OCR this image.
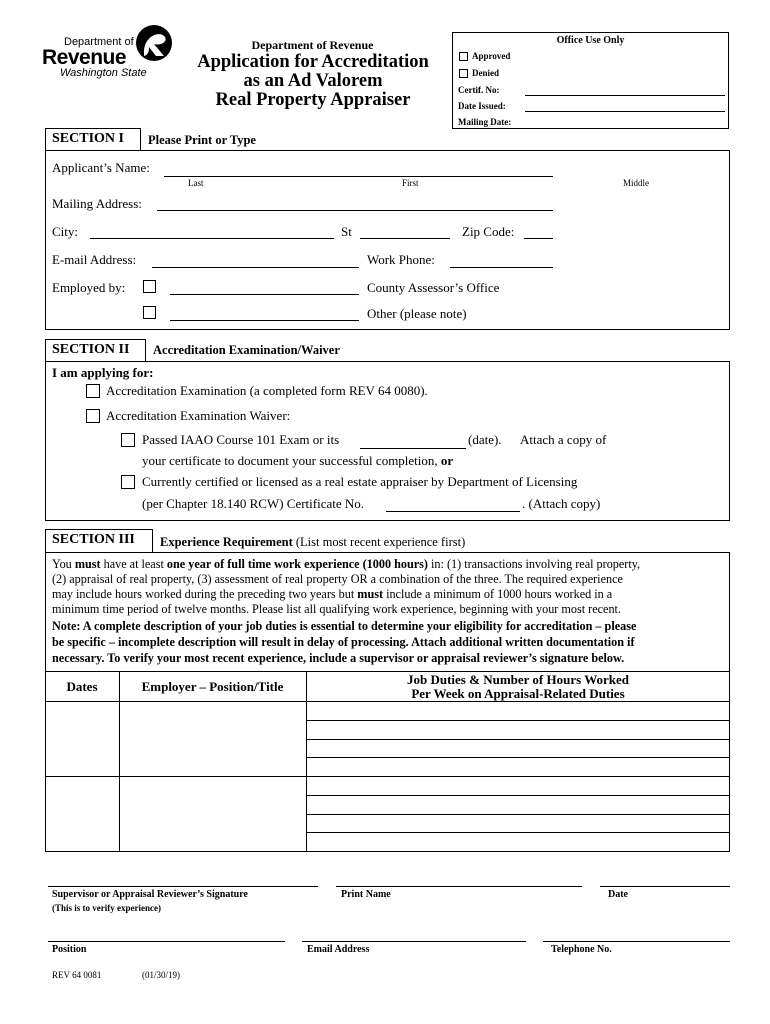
Department of
Revenue
Washington State
Department of Revenue
Application for Accreditation
as an Ad Valorem
Real Property Appraiser
Office Use Only
Approved
Denied
Certif. No:
Date Issued:
Mailing Date:
SECTION I	Please Print or Type
Applicant’s Name:
Last	First	Middle
Mailing Address:
City:	St	Zip Code:
E-mail Address:	Work Phone:
Employed by:	County Assessor’s Office
Other (please note)
SECTION II	Accreditation Examination/Waiver
I am applying for:
Accreditation Examination (a completed form REV 64 0080).
Accreditation Examination Waiver:
Passed IAAO Course 101 Exam or its	(date). Attach a copy of
your certificate to document your successful completion, or
Currently certified or licensed as a real estate appraiser by Department of Licensing
(per Chapter 18.140 RCW) Certificate No.	. (Attach copy)
SECTION III	Experience Requirement (List most recent experience first)
You must have at least one year of full time work experience (1000 hours) in: (1) transactions involving real property,
(2) appraisal of real property, (3) assessment of real property OR a combination of the three. The required experience
may include hours worked during the preceding two years but must include a minimum of 1000 hours worked in a
minimum time period of twelve months. Please list all qualifying work experience, beginning with your most recent.
Note: A complete description of your job duties is essential to determine your eligibility for accreditation – please
be specific – incomplete description will result in delay of processing. Attach additional written documentation if
necessary. To verify your most recent experience, include a supervisor or appraisal reviewer’s signature below.
Dates	Employer – Position/Title	Job Duties & Number of Hours Worked
Per Week on Appraisal-Related Duties
Supervisor or Appraisal Reviewer’s Signature
(This is to verify experience)
Print Name	Date
Position	Email Address	Telephone No.
REV 64 0081	(01/30/19)
